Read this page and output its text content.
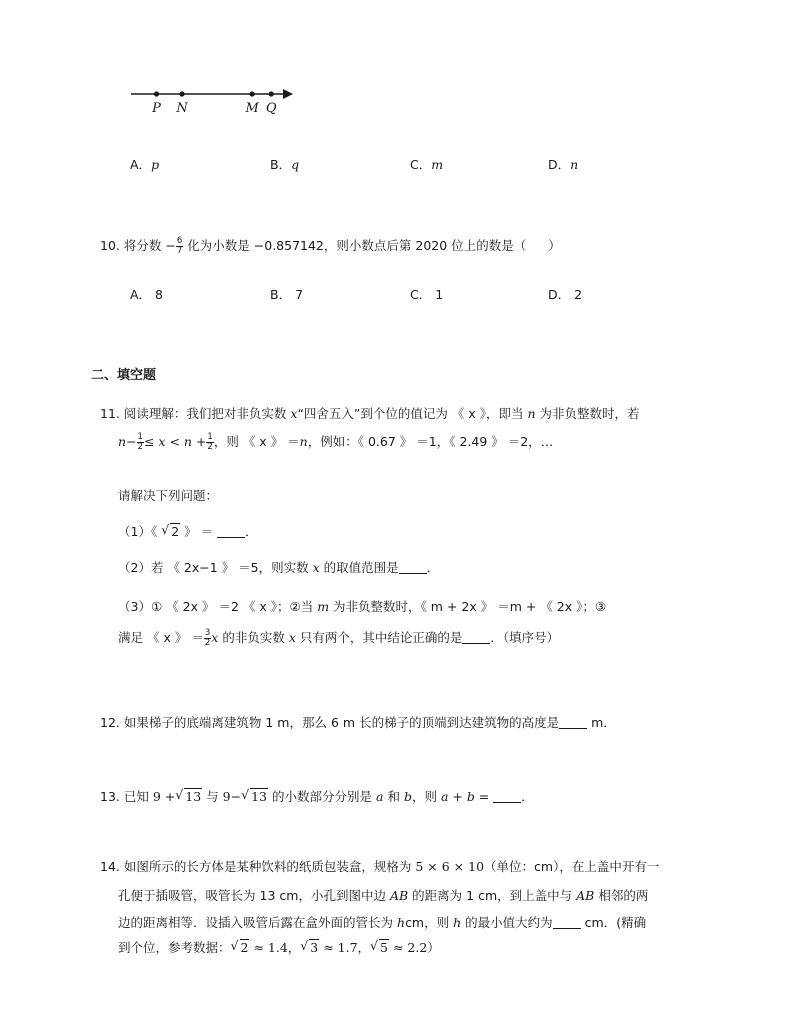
P N	M Q
A．p	B．q	C．m	D．n
10. 将分数 − $\frac{6}{7}$ 化为小数是 −0.857142，则小数点后第 2020 位上的数是（ ）
A． 8	B． 7	C． 1	D． 2
二、填空题
11. 阅读理解：我们把对非负实数 x“四舍五入”到个位的值记为 《 x 》，即当 n 为非负整数时，若
$n- \frac{1}{2} \le x < n + \frac{1}{2}$ ，则 《 x 》 ＝n，例如：《 0.67 》 ＝1，《 2.49 》 ＝2，…
请解决下列问题：
（1）《 √ 2 》 ＝	．
（2）若 《 2x−1 》 ＝5，则实数 x 的取值范围是 ．
（3）① 《 2x 》 ＝2 《 x 》；②当 m 为非负整数时，《 m + 2x 》 ＝m + 《 2x 》；③
满足 《 x 》 ＝ $\frac{3}{2}$ x 的非负实数 x 只有两个，其中结论正确的是 ．（填序号）
12. 如果梯子的底端离建筑物 1 m，那么 6 m 长的梯子的顶端到达建筑物的高度是	m．
13. 已知 9 + √ 13 与 9− √ 13 的小数部分分别是 a 和 b，则 a + b =	．
14. 如图所示的长方体是某种饮料的纸质包装盒，规格为 5 × 6 × 10（单位：cm），在上盖中开有一
孔便于插吸管，吸管长为 13 cm，小孔到图中边 AB 的距离为 1 cm，到上盖中与 AB 相邻的两
边的距离相等．设插入吸管后露在盒外面的管长为 hcm，则 h 的最小值大约为	cm．(精确
到个位，参考数据： √ 2 ≈ 1.4， √ 3 ≈ 1.7， √ 5 ≈ 2.2）
